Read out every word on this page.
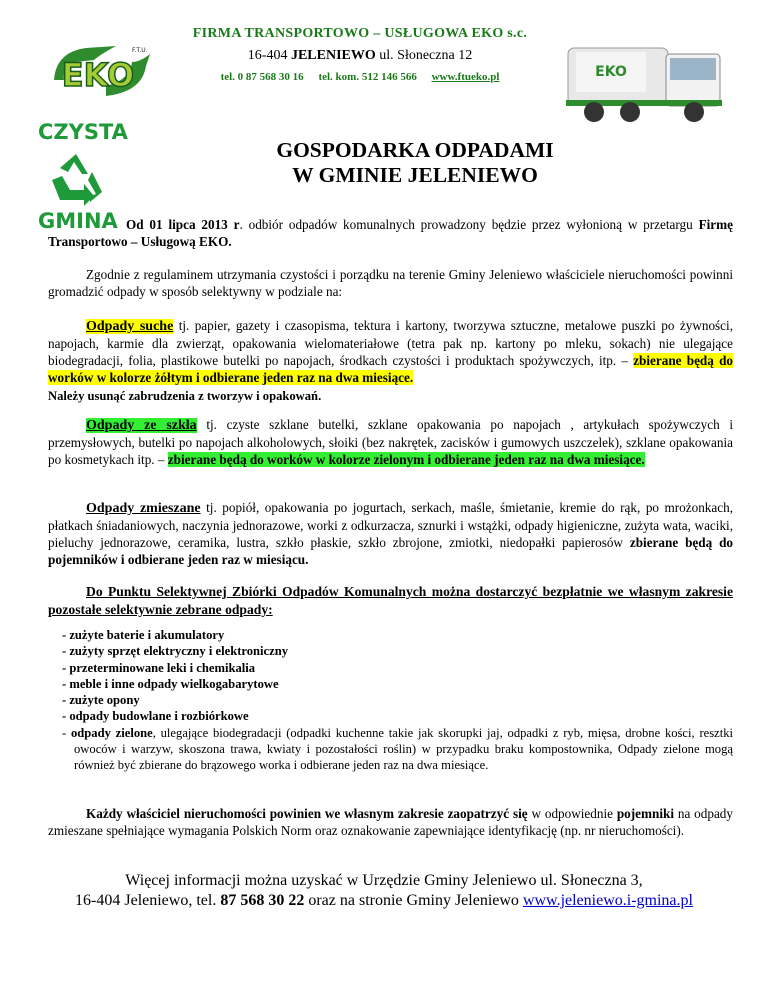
EKO
F.T.U.
FIRMA TRANSPORTOWO – USŁUGOWA EKO s.c.
16-404 JELENIEWO ul. Słoneczna 12
tel. 0 87 568 30 16 tel. kom. 512 146 566 www.ftueko.pl	EKO
CZYSTA
GMINA
GOSPODARKA ODPADAMI
W GMINIE JELENIEWO
Od 01 lipca 2013 r. odbiór odpadów komunalnych prowadzony będzie przez wyłonioną w przetargu Firmę Transportowo – Usługową EKO.
Zgodnie z regulaminem utrzymania czystości i porządku na terenie Gminy Jeleniewo właściciele nieruchomości powinni gromadzić odpady w sposób selektywny w podziale na:
Odpady suche tj. papier, gazety i czasopisma, tektura i kartony, tworzywa sztuczne, metalowe puszki po żywności, napojach, karmie dla zwierząt, opakowania wielomateriałowe (tetra pak np. kartony po mleku, sokach) nie ulegające biodegradacji, folia, plastikowe butelki po napojach, środkach czystości i produktach spożywczych, itp. – zbierane będą do worków w kolorze żółtym i odbierane jeden raz na dwa miesiące.
Należy usunąć zabrudzenia z tworzyw i opakowań.
Odpady ze szkła tj. czyste szklane butelki, szklane opakowania po napojach , artykułach spożywczych i przemysłowych, butelki po napojach alkoholowych, słoiki (bez nakrętek, zacisków i gumowych uszczelek), szklane opakowania po kosmetykach itp. – zbierane będą do worków w kolorze zielonym i odbierane jeden raz na dwa miesiące.
Odpady zmieszane tj. popiół, opakowania po jogurtach, serkach, maśle, śmietanie, kremie do rąk, po mrożonkach, płatkach śniadaniowych, naczynia jednorazowe, worki z odkurzacza, sznurki i wstążki, odpady higieniczne, zużyta wata, waciki, pieluchy jednorazowe, ceramika, lustra, szkło płaskie, szkło zbrojone, zmiotki, niedopałki papierosów zbierane będą do pojemników i odbierane jeden raz w miesiącu.
Do Punktu Selektywnej Zbiórki Odpadów Komunalnych można dostarczyć bezpłatnie we własnym zakresie pozostałe selektywnie zebrane odpady:
- zużyte baterie i akumulatory
- zużyty sprzęt elektryczny i elektroniczny
- przeterminowane leki i chemikalia
- meble i inne odpady wielkogabarytowe
- zużyte opony
- odpady budowlane i rozbiórkowe
- odpady zielone, ulegające biodegradacji (odpadki kuchenne takie jak skorupki jaj, odpadki z ryb, mięsa, drobne kości, resztki owoców i warzyw, skoszona trawa, kwiaty i pozostałości roślin) w przypadku braku kompostownika, Odpady zielone mogą również być zbierane do brązowego worka i odbierane jeden raz na dwa miesiące.
Każdy właściciel nieruchomości powinien we własnym zakresie zaopatrzyć się w odpowiednie pojemniki na odpady zmieszane spełniające wymagania Polskich Norm oraz oznakowanie zapewniające identyfikację (np. nr nieruchomości).
Więcej informacji można uzyskać w Urzędzie Gminy Jeleniewo ul. Słoneczna 3,
16-404 Jeleniewo, tel. 87 568 30 22 oraz na stronie Gminy Jeleniewo www.jeleniewo.i-gmina.pl
